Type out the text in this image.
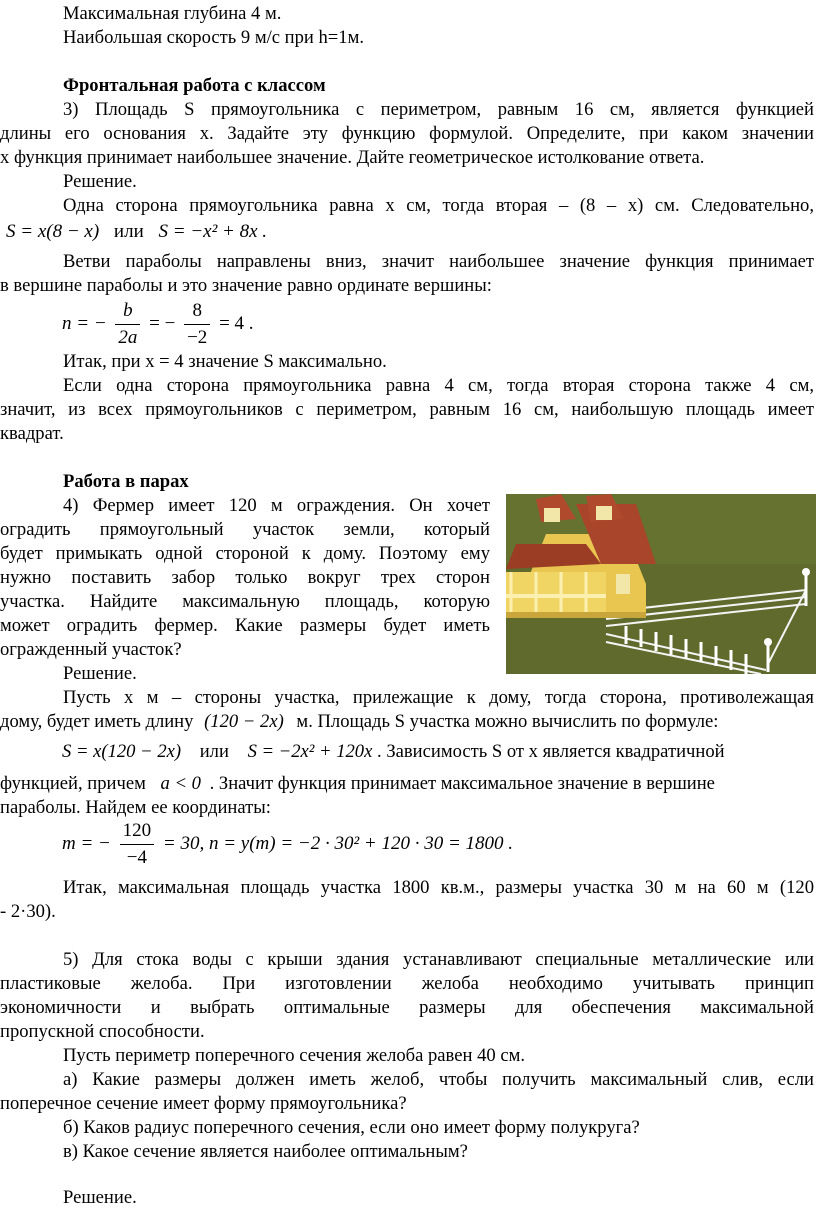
Максимальная глубина 4 м.
Наибольшая скорость 9 м/с при h=1м.
Фронтальная работа с классом
3) Площадь S прямоугольника с периметром, равным 16 см, является функцией
длины его основания x. Задайте эту функцию формулой. Определите, при каком значении
x функция принимает наибольшее значение. Дайте геометрическое истолкование ответа.
Решение.
Одна сторона прямоугольника равна x см, тогда вторая – (8 – x) см. Следовательно,
S = x(8 − x) или S = −x² + 8x .
Ветви параболы направлены вниз, значит наибольшее значение функция принимает
в вершине параболы и это значение равно ординате вершины:
n = − $\frac{b}{2a}$ = − $\frac{8}{-2} = 4$ .
Итак, при x = 4 значение S максимально.
Если одна сторона прямоугольника равна 4 см, тогда вторая сторона также 4 см,
значит, из всех прямоугольников с периметром, равным 16 см, наибольшую площадь имеет
квадрат.
Работа в парах
4) Фермер имеет 120 м ограждения. Он хочет
оградить прямоугольный участок земли, который
будет примыкать одной стороной к дому. Поэтому ему
нужно поставить забор только вокруг трех сторон
участка. Найдите максимальную площадь, которую
может оградить фермер. Какие размеры будет иметь
огражденный участок?
Решение.
Пусть x м – стороны участка, прилежащие к дому, тогда сторона, противолежащая
дому, будет иметь длину (120 − 2x) м. Площадь S участка можно вычислить по формуле:
S = x(120 − 2x) или S = −2x² + 120x . Зависимость S от x является квадратичной
функцией, причем a < 0 . Значит функция принимает максимальное значение в вершине
параболы. Найдем ее координаты:
m = − $\frac{120}{-4} = 30$, n = y(m) = −2 · 30² + 120 · 30 = 1800 .
Итак, максимальная площадь участка 1800 кв.м., размеры участка 30 м на 60 м (120
- 2·30).
5) Для стока воды с крыши здания устанавливают специальные металлические или
пластиковые желоба. При изготовлении желоба необходимо учитывать принцип
экономичности и выбрать оптимальные размеры для обеспечения максимальной
пропускной способности.
Пусть периметр поперечного сечения желоба равен 40 см.
а) Какие размеры должен иметь желоб, чтобы получить максимальный слив, если
поперечное сечение имеет форму прямоугольника?
б) Каков радиус поперечного сечения, если оно имеет форму полукруга?
в) Какое сечение является наиболее оптимальным?
Решение.
